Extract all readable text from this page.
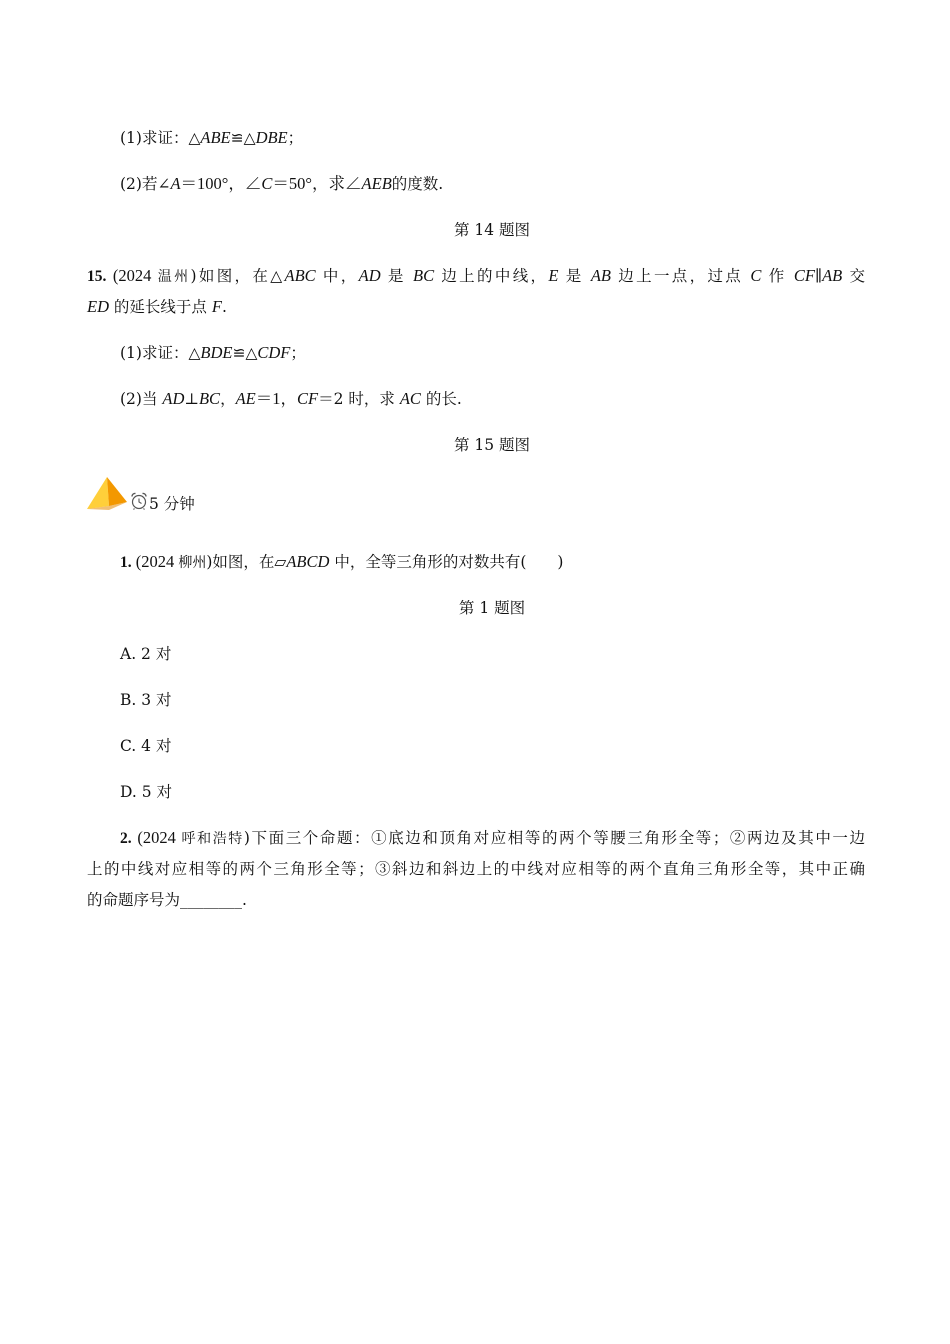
(1)求证：△ABE≌△DBE；
(2)若∠A＝100°，∠C＝50°，求∠AEB的度数.
第 14 题图
15. (2024 温州)如图，在△ABC 中，AD 是 BC 边上的中线，E 是 AB 边上一点，过点 C 作 CF∥AB 交
ED 的延长线于点 F.
(1)求证：△BDE≌△CDF；
(2)当 AD⊥BC，AE＝1，CF＝2 时，求 AC 的长.
第 15 题图
5 分钟
1. (2024 柳州)如图，在▱ABCD 中，全等三角形的对数共有(　　)
第 1 题图
A. 2 对
B. 3 对
C. 4 对
D. 5 对
2. (2024 呼和浩特)下面三个命题：①底边和顶角对应相等的两个等腰三角形全等；②两边及其中一边
上的中线对应相等的两个三角形全等；③斜边和斜边上的中线对应相等的两个直角三角形全等，其中正确
的命题序号为________.
